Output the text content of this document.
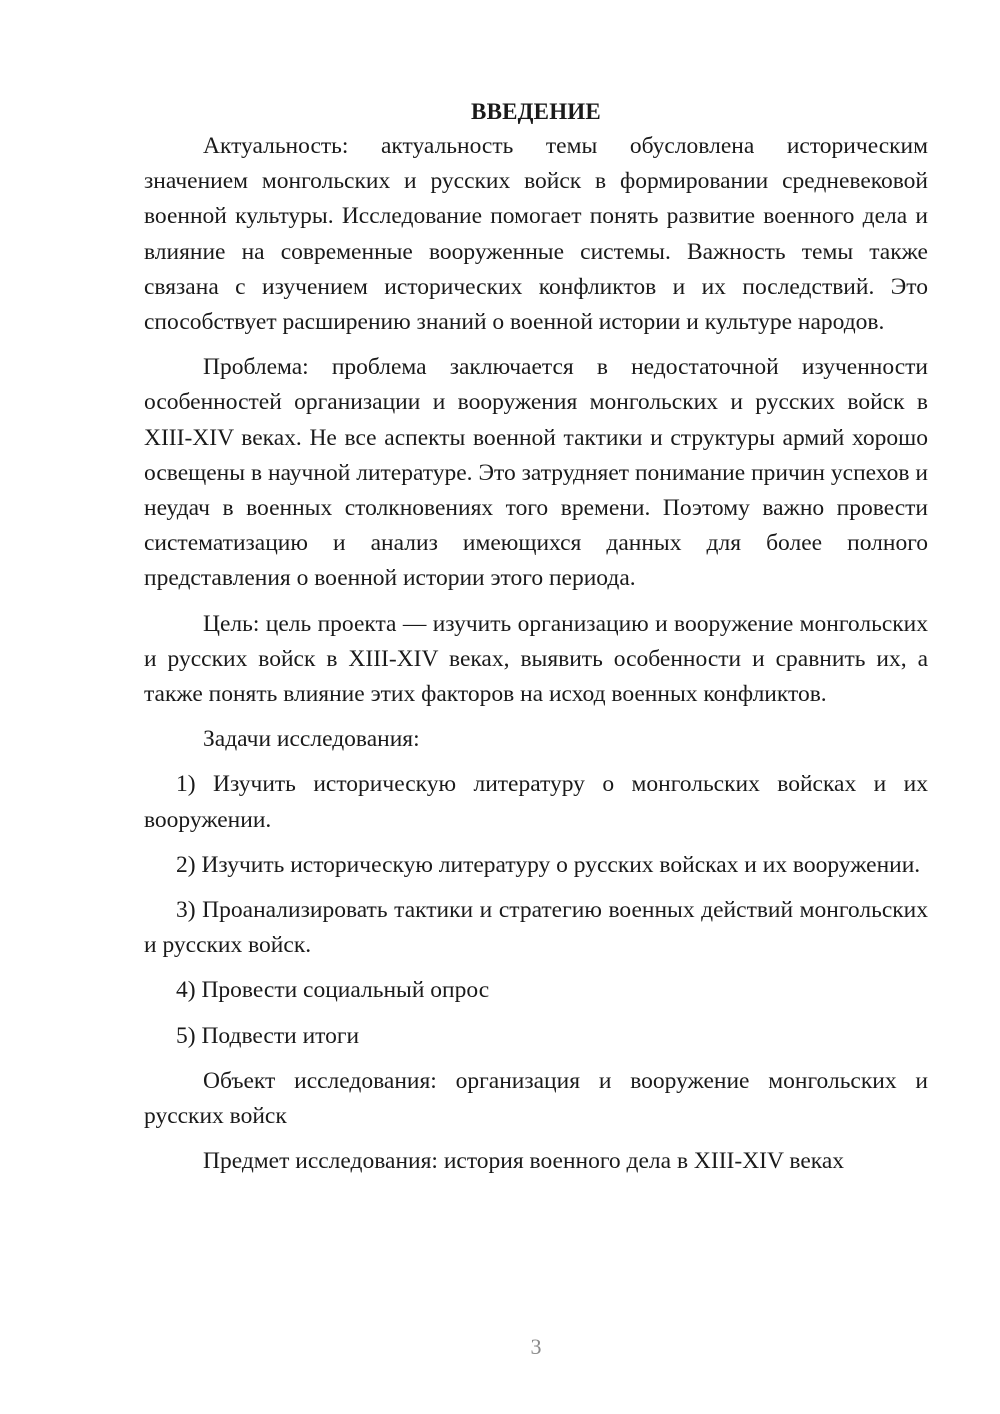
ВВЕДЕНИЕ

Актуальность: актуальность темы обусловлена историческим значением монгольских и русских войск в формировании средневековой военной культуры. Исследование помогает понять развитие военного дела и влияние на современные вооруженные системы. Важность темы также связана с изучением исторических конфликтов и их последствий. Это способствует расширению знаний о военной истории и культуре народов.

Проблема: проблема заключается в недостаточной изученности особенностей организации и вооружения монгольских и русских войск в XIII-XIV веках. Не все аспекты военной тактики и структуры армий хорошо освещены в научной литературе. Это затрудняет понимание причин успехов и неудач в военных столкновениях того времени. Поэтому важно провести систематизацию и анализ имеющихся данных для более полного представления о военной истории этого периода.

Цель: цель проекта — изучить организацию и вооружение монгольских и русских войск в XIII-XIV веках, выявить особенности и сравнить их, а также понять влияние этих факторов на исход военных конфликтов.

Задачи исследования:

1) Изучить историческую литературу о монгольских войсках и их вооружении.

2) Изучить историческую литературу о русских войсках и их вооружении.

3) Проанализировать тактики и стратегию военных действий монгольских и русских войск.

4) Провести социальный опрос

5) Подвести итоги

Объект исследования: организация и вооружение монгольских и русских войск

Предмет исследования: история военного дела в XIII-XIV веках

3
